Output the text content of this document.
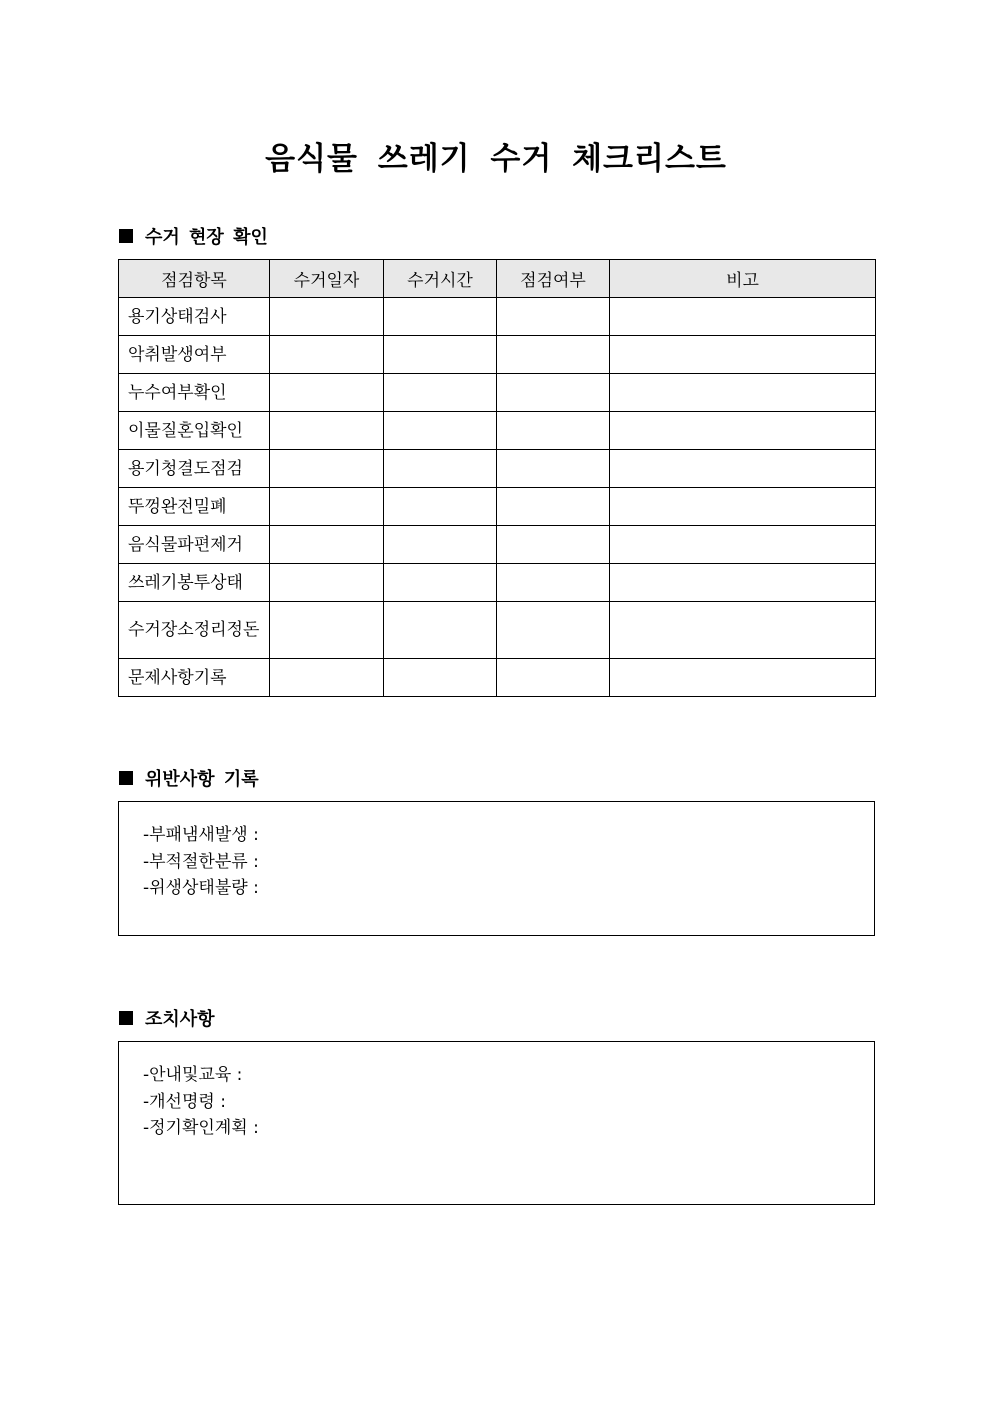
음식물 쓰레기 수거 체크리스트
수거 현장 확인
점검항목	수거일자	수거시간	점검여부	비고
용기상태검사				
악취발생여부				
누수여부확인				
이물질혼입확인				
용기청결도점검				
뚜껑완전밀폐				
음식물파편제거				
쓰레기봉투상태				
수거장소정리정돈				
문제사항기록				
위반사항 기록
-부패냄새발생 :
-부적절한분류 :
-위생상태불량 :
조치사항
-안내및교육 :
-개선명령 :
-정기확인계획 :
